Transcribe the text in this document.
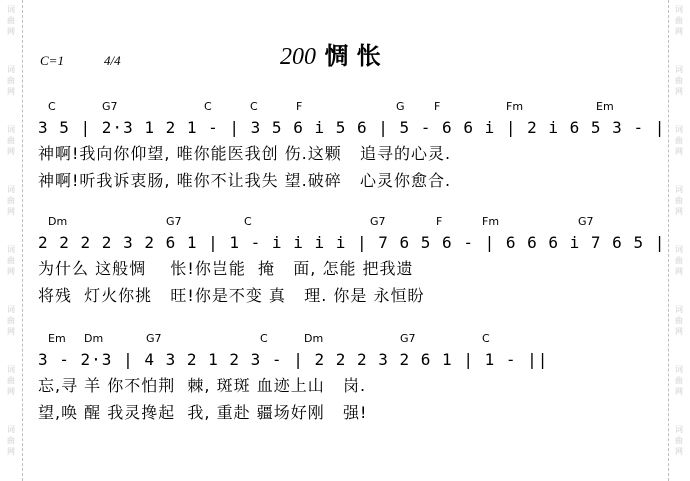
词
曲
网
词
曲
网
词
曲
网
词
曲
网
词
曲
网
词
曲
网
词
曲
网
词
曲
网
词
曲
网
词
曲
网
词
曲
网
词
曲
网
词
曲
网
词
曲
网
词
曲
网
词
曲
网
C=1	4/4	200 惆 怅
C	G7	C	C	F	G	F	Fm	Em
3 5 | 2·3 1 2 1 - | 3 5 6 i 5 6 | 5 - 6 6 i | 2 i 6 5 3 - |
神啊!我向你仰望, 唯你能医我创 伤.这颗   追寻的心灵.
神啊!听我诉衷肠, 唯你不让我失 望.破碎   心灵你愈合.
Dm	G7	C	G7	F	Fm	G7
2 2 2 2 3 2 6 1 | 1 - i i i i | 7 6 5 6 - | 6 6 6 i 7 6 5 |
为什么 这般惆    怅!你岂能  掩   面, 怎能 把我遗
将残  灯火你挑   旺!你是不变 真   理. 你是 永恒盼
Em Dm	G7	C	Dm	G7	C
3 - 2·3 | 4 3 2 1 2 3 - | 2 2 2 3 2 6 1 | 1 - ||
忘,寻 羊 你不怕荆  棘, 斑斑 血迹上山   岗.
望,唤 醒 我灵搀起  我, 重赴 疆场好刚   强!
